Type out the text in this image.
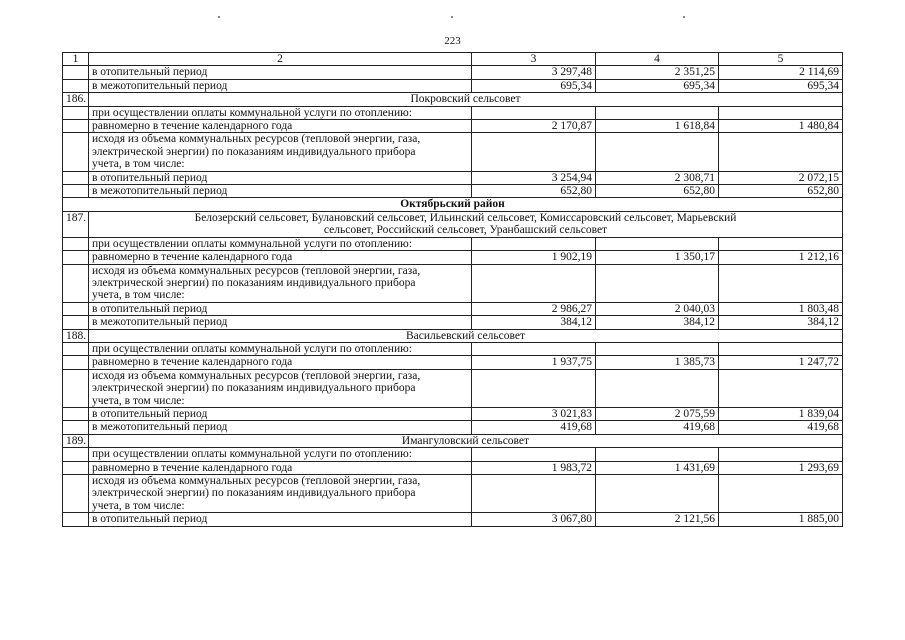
223
1	2	3	4	5
	в отопительный период	3 297,48	2 351,25	2 114,69
	в межотопительный период	695,34	695,34	695,34
186.	Покровский сельсовет			
	при осуществлении оплаты коммунальной услуги по отоплению:			
	равномерно в течение календарного года	2 170,87	1 618,84	1 480,84
	исходя из объема коммунальных ресурсов (тепловой энергии, газа, электрической энергии) по показаниям индивидуального прибора учета, в том числе:			
	в отопительный период	3 254,94	2 308,71	2 072,15
	в межотопительный период	652,80	652,80	652,80
Октябрьский район				
187.	Белозерский сельсовет, Булановский сельсовет, Ильинский сельсовет, Комиссаровский сельсовет, Марьевский сельсовет, Российский сельсовет, Уранбашский сельсовет			
	при осуществлении оплаты коммунальной услуги по отоплению:			
	равномерно в течение календарного года	1 902,19	1 350,17	1 212,16
	исходя из объема коммунальных ресурсов (тепловой энергии, газа, электрической энергии) по показаниям индивидуального прибора учета, в том числе:			
	в отопительный период	2 986,27	2 040,03	1 803,48
	в межотопительный период	384,12	384,12	384,12
188.	Васильевский сельсовет			
	при осуществлении оплаты коммунальной услуги по отоплению:			
	равномерно в течение календарного года	1 937,75	1 385,73	1 247,72
	исходя из объема коммунальных ресурсов (тепловой энергии, газа, электрической энергии) по показаниям индивидуального прибора учета, в том числе:			
	в отопительный период	3 021,83	2 075,59	1 839,04
	в межотопительный период	419,68	419,68	419,68
189.	Имангуловский сельсовет			
	при осуществлении оплаты коммунальной услуги по отоплению:			
	равномерно в течение календарного года	1 983,72	1 431,69	1 293,69
	исходя из объема коммунальных ресурсов (тепловой энергии, газа, электрической энергии) по показаниям индивидуального прибора учета, в том числе:			
	в отопительный период	3 067,80	2 121,56	1 885,00
